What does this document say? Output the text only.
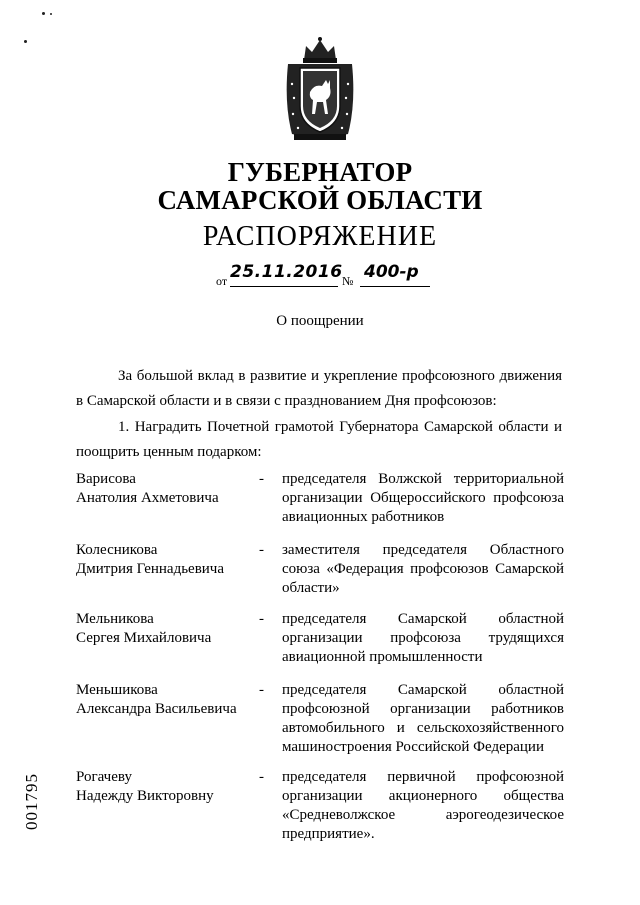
ГУБЕРНАТОР
САМАРСКОЙ ОБЛАСТИ
РАСПОРЯЖЕНИЕ
от 25.11.2016 № 400-р
О поощрении
За большой вклад в развитие и укрепление профсоюзного движения в Самарской области и в связи с празднованием Дня профсоюзов:
1. Наградить Почетной грамотой Губернатора Самарской области и поощрить ценным подарком:
Варисова
Анатолия Ахметовича
- председателя Волжской территориальной организации Общероссийского профсоюза авиационных работников
Колесникова
Дмитрия Геннадьевича
- заместителя председателя Областного союза «Федерация профсоюзов Самарской области»
Мельникова
Сергея Михайловича
- председателя Самарской областной организации профсоюза трудящихся авиационной промышленности
Меньшикова
Александра Васильевича
- председателя Самарской областной профсоюзной организации работников автомобильного и сельскохозяйственного машиностроения Российской Федерации
Рогачеву
Надежду Викторовну
- председателя первичной профсоюзной организации акционерного общества «Средневолжское аэрогеодезическое предприятие».
001795
